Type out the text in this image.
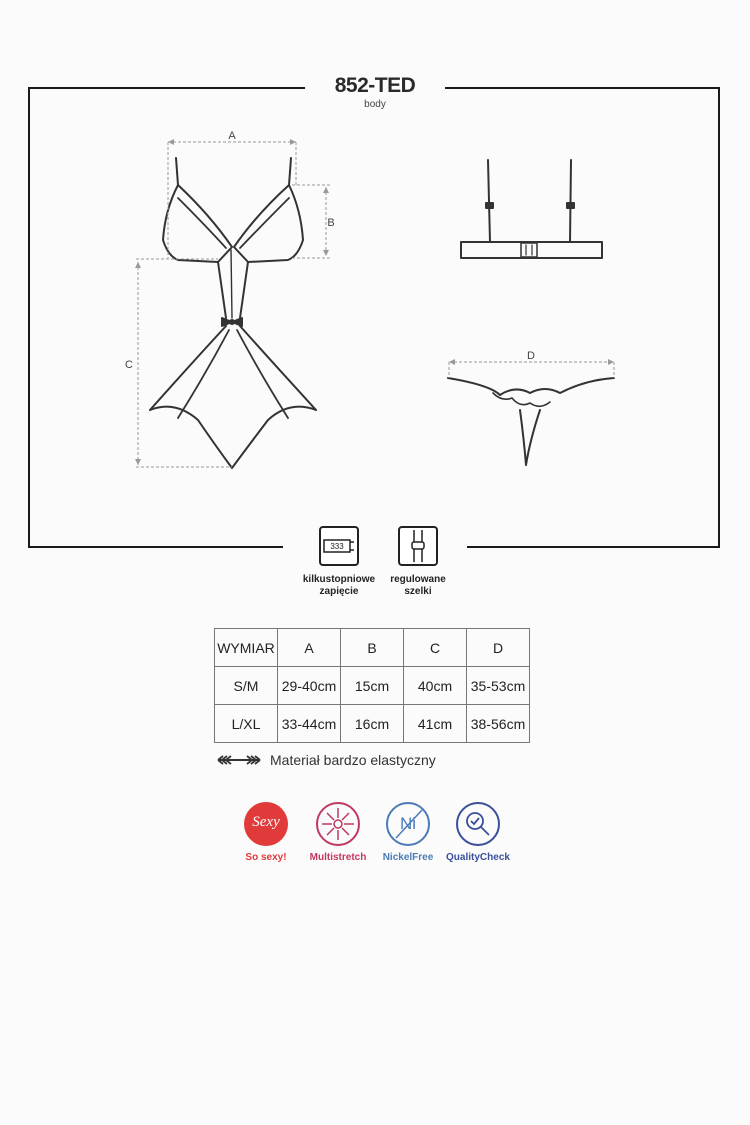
A
B
C
D
852-TED
body
333
kilkustopniowe
zapięcie
regulowane
szelki
WYMIAR	A	B	C	D
S/M	29-40cm	15cm	40cm	35-53cm
L/XL	33-44cm	16cm	41cm	38-56cm
Materiał bardzo elastyczny
Sexy
So sexy!	Multistretch
Ni
NickelFree	QualityCheck
